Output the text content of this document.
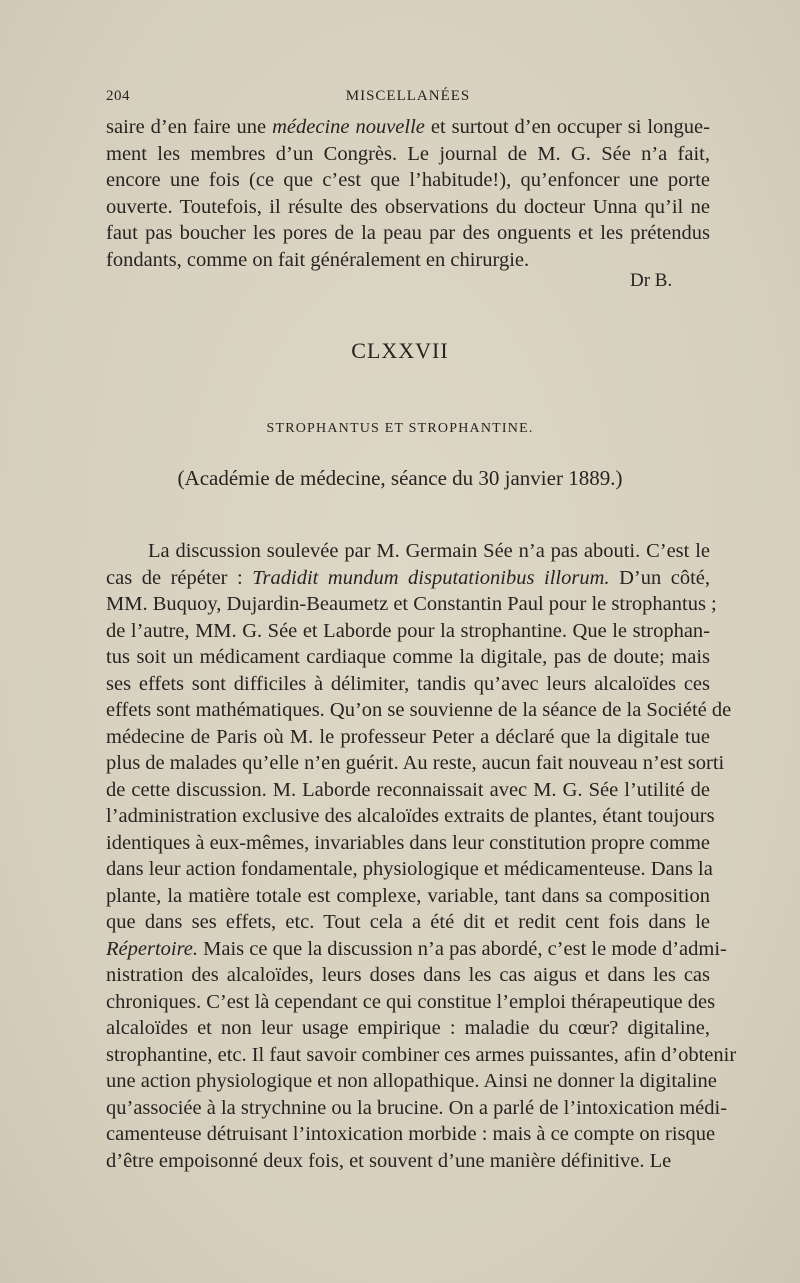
204	MISCELLANÉES
saire d’en faire une médecine nouvelle et surtout d’en occuper si longue-
ment les membres d’un Congrès. Le journal de M. G. Sée n’a fait,
encore une fois (ce que c’est que l’habitude!), qu’enfoncer une porte
ouverte. Toutefois, il résulte des observations du docteur Unna qu’il ne
faut pas boucher les pores de la peau par des onguents et les prétendus
fondants, comme on fait généralement en chirurgie.
Dr B.
CLXXVII
STROPHANTUS ET STROPHANTINE.
(Académie de médecine, séance du 30 janvier 1889.)
La discussion soulevée par M. Germain Sée n’a pas abouti. C’est le
cas de répéter : Tradidit mundum disputationibus illorum. D’un côté,
MM. Buquoy, Dujardin-Beaumetz et Constantin Paul pour le strophantus ;
de l’autre, MM. G. Sée et Laborde pour la strophantine. Que le strophan-
tus soit un médicament cardiaque comme la digitale, pas de doute; mais
ses effets sont difficiles à délimiter, tandis qu’avec leurs alcaloïdes ces
effets sont mathématiques. Qu’on se souvienne de la séance de la Société de
médecine de Paris où M. le professeur Peter a déclaré que la digitale tue
plus de malades qu’elle n’en guérit. Au reste, aucun fait nouveau n’est sorti
de cette discussion. M. Laborde reconnaissait avec M. G. Sée l’utilité de
l’administration exclusive des alcaloïdes extraits de plantes, étant toujours
identiques à eux-mêmes, invariables dans leur constitution propre comme
dans leur action fondamentale, physiologique et médicamenteuse. Dans la
plante, la matière totale est complexe, variable, tant dans sa composition
que dans ses effets, etc. Tout cela a été dit et redit cent fois dans le
Répertoire. Mais ce que la discussion n’a pas abordé, c’est le mode d’admi-
nistration des alcaloïdes, leurs doses dans les cas aigus et dans les cas
chroniques. C’est là cependant ce qui constitue l’emploi thérapeutique des
alcaloïdes et non leur usage empirique : maladie du cœur? digitaline,
strophantine, etc. Il faut savoir combiner ces armes puissantes, afin d’obtenir
une action physiologique et non allopathique. Ainsi ne donner la digitaline
qu’associée à la strychnine ou la brucine. On a parlé de l’intoxication médi-
camenteuse détruisant l’intoxication morbide : mais à ce compte on risque
d’être empoisonné deux fois, et souvent d’une manière définitive. Le
